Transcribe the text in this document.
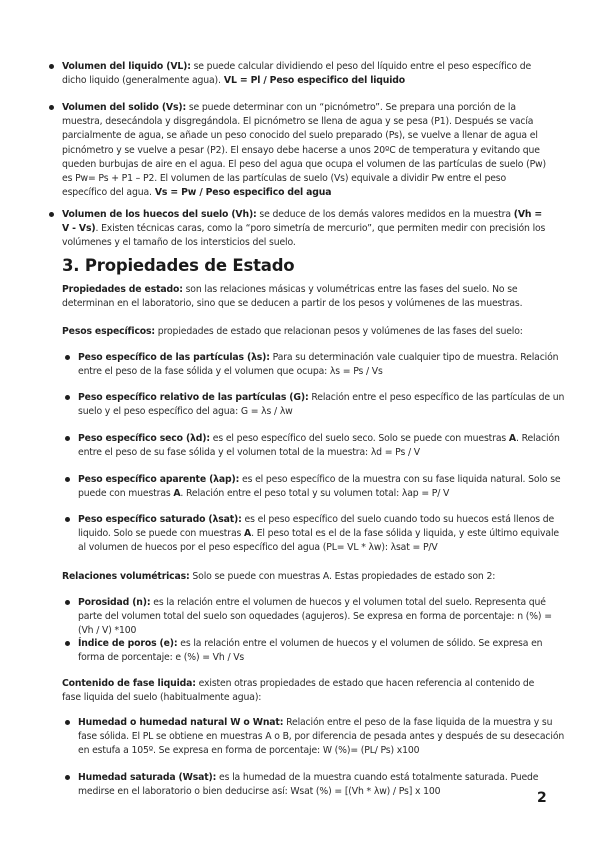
Volumen del liquido (VL): se puede calcular dividiendo el peso del líquido entre el peso específico de dicho liquido (generalmente agua). VL = Pl / Peso especifico del liquido
Volumen del solido (Vs): se puede determinar con un “picnómetro”. Se prepara una porción de la muestra, desecándola y disgregándola. El picnómetro se llena de agua y se pesa (P1). Después se vacía parcialmente de agua, se añade un peso conocido del suelo preparado (Ps), se vuelve a llenar de agua el picnómetro y se vuelve a pesar (P2). El ensayo debe hacerse a unos 20ºC de temperatura y evitando que queden burbujas de aire en el agua. El peso del agua que ocupa el volumen de las partículas de suelo (Pw) es Pw= Ps + P1 – P2. El volumen de las partículas de suelo (Vs) equivale a dividir Pw entre el peso específico del agua. Vs = Pw / Peso especifico del agua
Volumen de los huecos del suelo (Vh): se deduce de los demás valores medidos en la muestra (Vh = V - Vs). Existen técnicas caras, como la “poro simetría de mercurio”, que permiten medir con precisión los volúmenes y el tamaño de los intersticios del suelo.
3. Propiedades de Estado
Propiedades de estado: son las relaciones másicas y volumétricas entre las fases del suelo. No se determinan en el laboratorio, sino que se deducen a partir de los pesos y volúmenes de las muestras.
Pesos específicos: propiedades de estado que relacionan pesos y volúmenes de las fases del suelo:
Peso específico de las partículas (λs): Para su determinación vale cualquier tipo de muestra. Relación entre el peso de la fase sólida y el volumen que ocupa: λs = Ps / Vs
Peso específico relativo de las partículas (G): Relación entre el peso específico de las partículas de un suelo y el peso específico del agua: G = λs / λw
Peso específico seco (λd): es el peso específico del suelo seco. Solo se puede con muestras A. Relación entre el peso de su fase sólida y el volumen total de la muestra: λd = Ps / V
Peso específico aparente (λap): es el peso específico de la muestra con su fase liquida natural. Solo se puede con muestras A. Relación entre el peso total y su volumen total: λap = P/ V
Peso específico saturado (λsat): es el peso específico del suelo cuando todo su huecos está llenos de liquido. Solo se puede con muestras A. El peso total es el de la fase sólida y liquida, y este último equivale al volumen de huecos por el peso específico del agua (PL= VL * λw): λsat = P/V
Relaciones volumétricas: Solo se puede con muestras A. Estas propiedades de estado son 2:
Porosidad (n): es la relación entre el volumen de huecos y el volumen total del suelo. Representa qué parte del volumen total del suelo son oquedades (agujeros). Se expresa en forma de porcentaje: n (%) = (Vh / V) *100
Índice de poros (e): es la relación entre el volumen de huecos y el volumen de sólido. Se expresa en forma de porcentaje: e (%) = Vh / Vs
Contenido de fase liquida: existen otras propiedades de estado que hacen referencia al contenido de fase liquida del suelo (habitualmente agua):
Humedad o humedad natural W o Wnat: Relación entre el peso de la fase liquida de la muestra y su fase sólida. El PL se obtiene en muestras A o B, por diferencia de pesada antes y después de su desecación en estufa a 105º. Se expresa en forma de porcentaje: W (%)= (PL/ Ps) x100
Humedad saturada (Wsat): es la humedad de la muestra cuando está totalmente saturada. Puede medirse en el laboratorio o bien deducirse así: Wsat (%) = [(Vh * λw) / Ps] x 100	2
